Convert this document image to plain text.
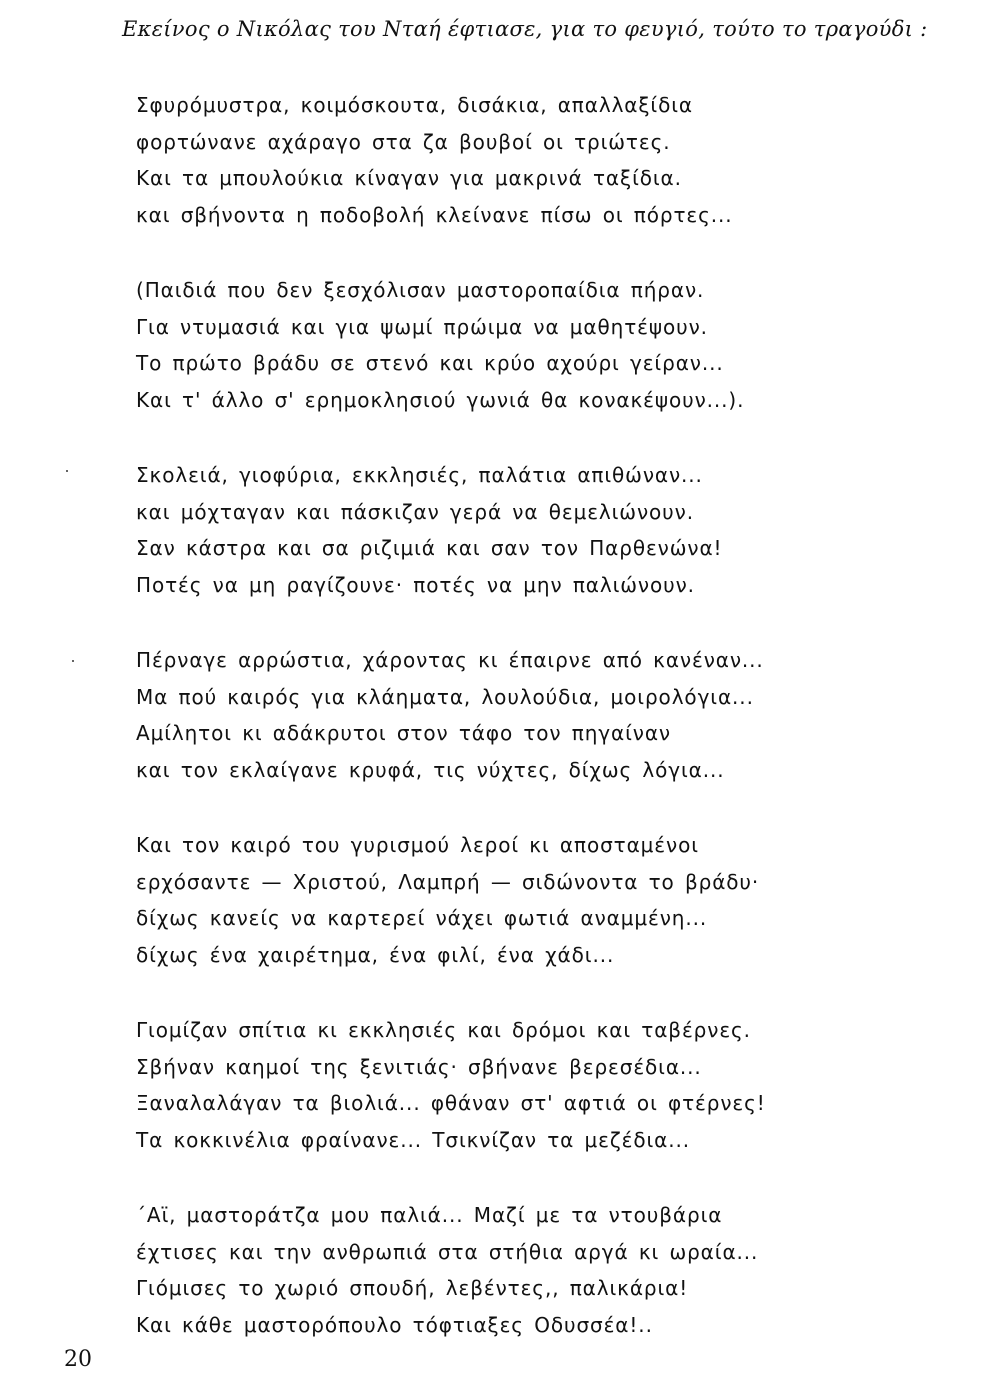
Εκείνος ο Νικόλας του Νταή έφτιασε, για το φευγιό, τούτο το τραγούδι :
Σφυρόμυστρα, κοιμόσκουτα, δισάκια, απαλλαξίδια
φορτώνανε αχάραγο στα ζα βουβοί οι τριώτες.
Και τα μπουλούκια κίναγαν για μακρινά ταξίδια.
και σβήνοντα η ποδοβολή κλείνανε πίσω οι πόρτες...
(Παιδιά που δεν ξεσχόλισαν μαστοροπαίδια πήραν.
Για ντυμασιά και για ψωμί πρώιμα να μαθητέψουν.
Το πρώτο βράδυ σε στενό και κρύο αχούρι γείραν...
Και τ' άλλο σ' ερημοκλησιού γωνιά θα κονακέψουν...).
Σκολειά, γιοφύρια, εκκλησιές, παλάτια απιθώναν...
και μόχταγαν και πάσκιζαν γερά να θεμελιώνουν.
Σαν κάστρα και σα ριζιμιά και σαν τον Παρθενώνα!
Ποτές να μη ραγίζουνε· ποτές να μην παλιώνουν.
Πέρναγε αρρώστια, χάροντας κι έπαιρνε από κανέναν...
Μα πού καιρός για κλάηματα, λουλούδια, μοιρολόγια...
Αμίλητοι κι αδάκρυτοι στον τάφο τον πηγαίναν
και τον εκλαίγανε κρυφά, τις νύχτες, δίχως λόγια...
Και τον καιρό του γυρισμού λεροί κι αποσταμένοι
ερχόσαντε — Χριστού, Λαμπρή — σιδώνοντα το βράδυ·
δίχως κανείς να καρτερεί νάχει φωτιά αναμμένη...
δίχως ένα χαιρέτημα, ένα φιλί, ένα χάδι...
Γιομίζαν σπίτια κι εκκλησιές και δρόμοι και ταβέρνες.
Σβήναν καημοί της ξενιτιάς· σβήνανε βερεσέδια...
Ξαναλαλάγαν τα βιολιά... φθάναν στ' αφτιά οι φτέρνες!
Τα κοκκινέλια φραίνανε... Τσικνίζαν τα μεζέδια...
΄Αϊ, μαστοράτζα μου παλιά... Μαζί με τα ντουβάρια
έχτισες και την ανθρωπιά στα στήθια αργά κι ωραία...
Γιόμισες το χωριό σπουδή, λεβέντες,, παλικάρια!
Και κάθε μαστορόπουλο τόφτιαξες Οδυσσέα!..
20
